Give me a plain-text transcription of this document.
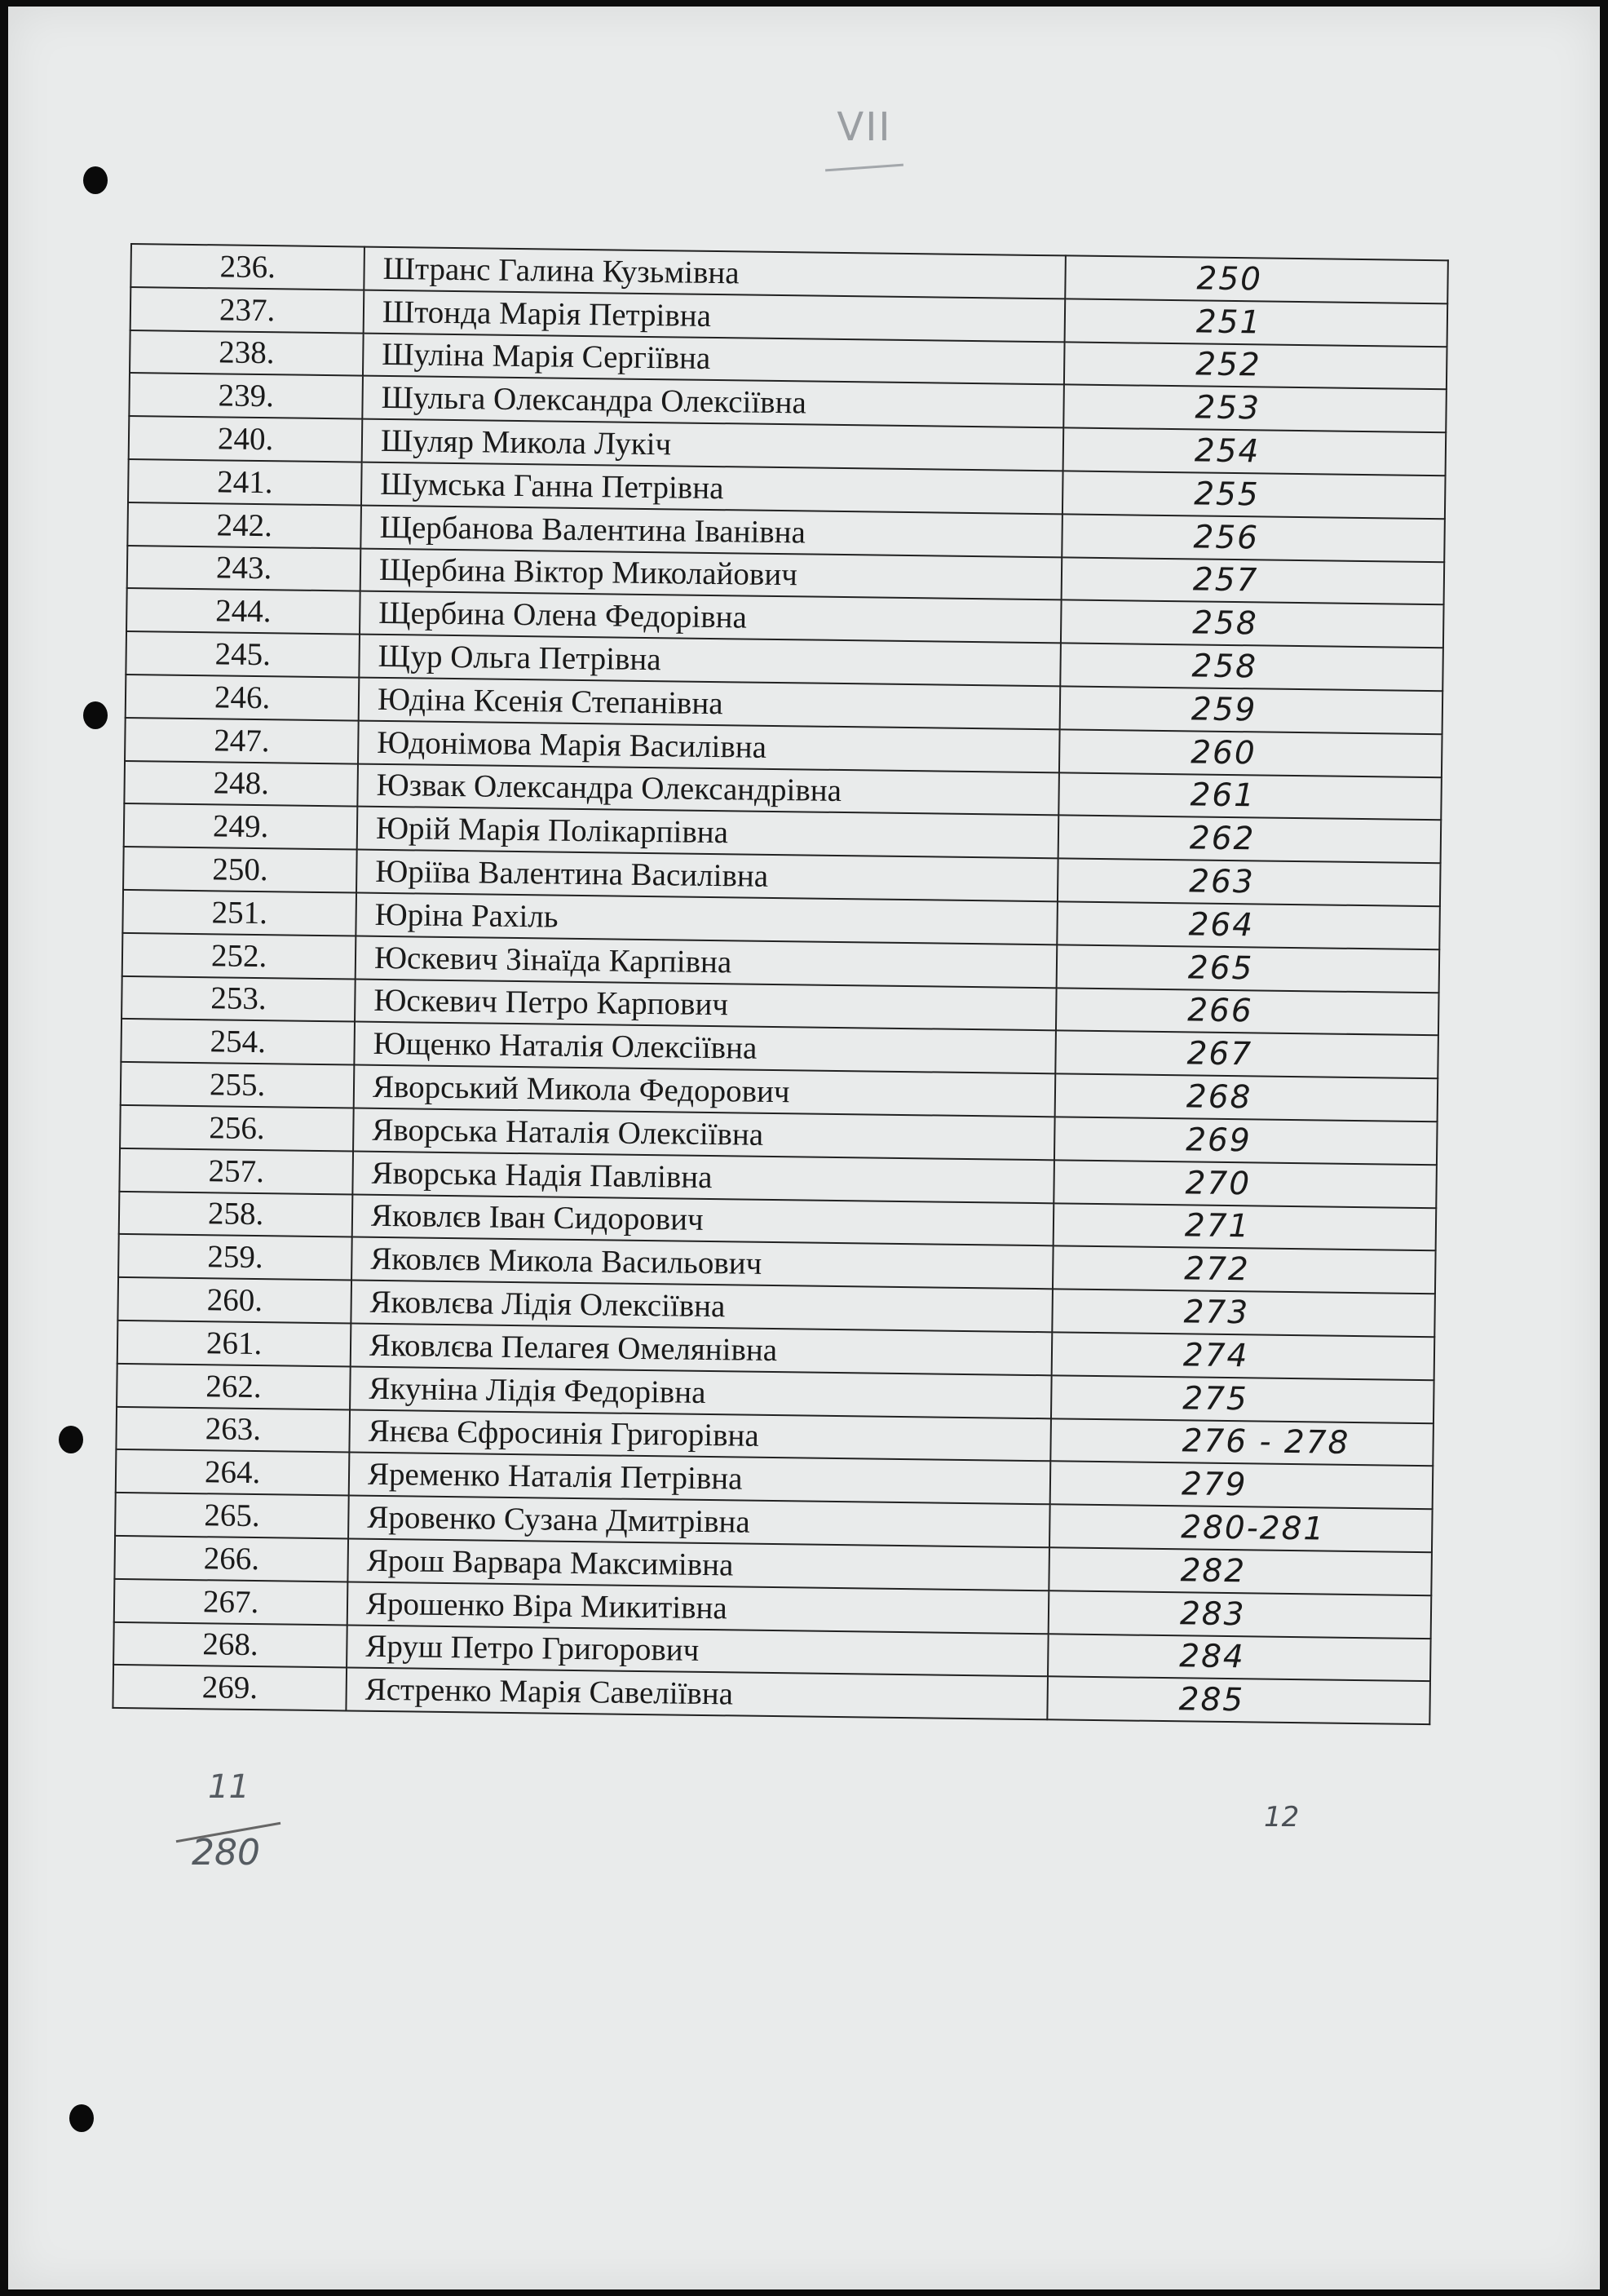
VII
236.	Штранс Галина Кузьмівна	250
237.	Штонда Марія Петрівна	251
238.	Шуліна Марія Сергіївна	252
239.	Шульга Олександра Олексіївна	253
240.	Шуляр Микола Лукіч	254
241.	Шумська Ганна Петрівна	255
242.	Щербанова Валентина Іванівна	256
243.	Щербина Віктор Миколайович	257
244.	Щербина Олена Федорівна	258
245.	Щур Ольга Петрівна	258
246.	Юдіна Ксенія Степанівна	259
247.	Юдонімова Марія Василівна	260
248.	Юзвак Олександра Олександрівна	261
249.	Юрій Марія Полікарпівна	262
250.	Юріїва Валентина Василівна	263
251.	Юріна Рахіль	264
252.	Юскевич Зінаїда Карпівна	265
253.	Юскевич Петро Карпович	266
254.	Ющенко Наталія Олексіївна	267
255.	Яворський Микола Федорович	268
256.	Яворська Наталія Олексіївна	269
257.	Яворська Надія Павлівна	270
258.	Яковлєв Іван Сидорович	271
259.	Яковлєв Микола Васильович	272
260.	Яковлєва Лідія Олексіївна	273
261.	Яковлєва Пелагея Омелянівна	274
262.	Якуніна Лідія Федорівна	275
263.	Янєва Єфросинія Григорівна	276 - 278
264.	Яременко Наталія Петрівна	279
265.	Яровенко Сузана Дмитрівна	280-281
266.	Ярош Варвара Максимівна	282
267.	Ярошенко Віра Микитівна	283
268.	Яруш Петро Григорович	284
269.	Ястренко Марія Савеліївна	285
11
280
12
